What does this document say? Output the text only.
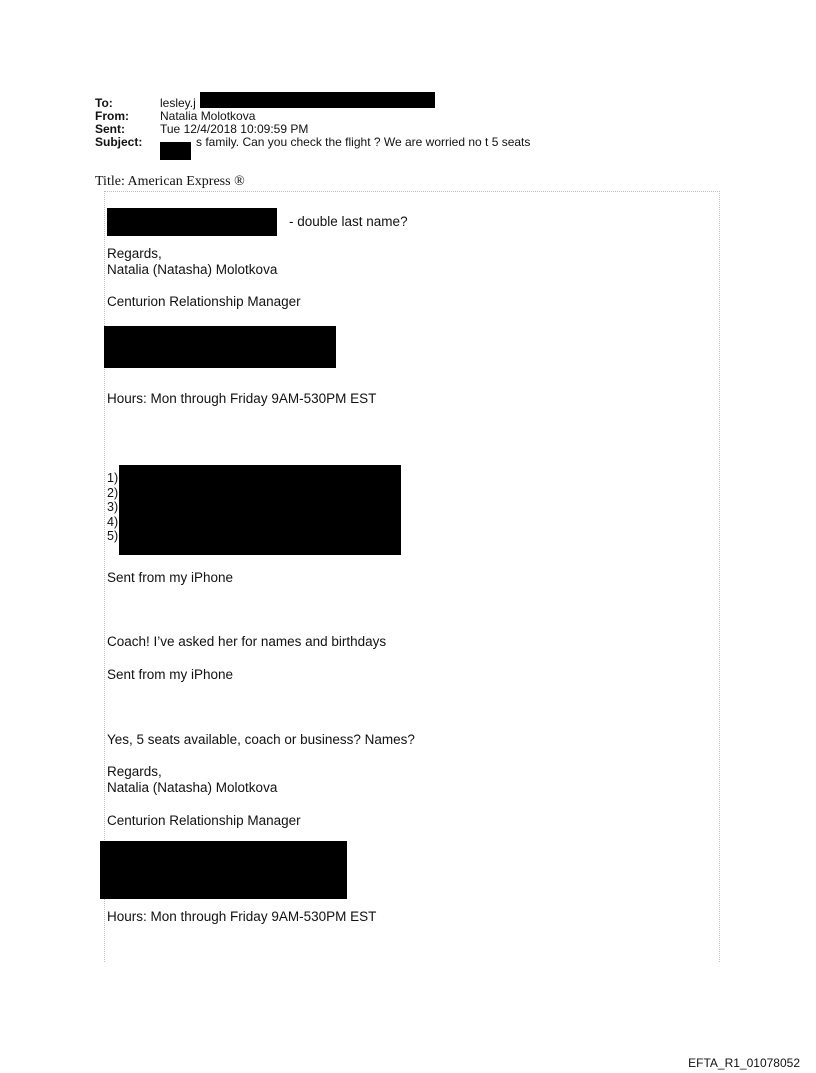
To:	lesley.j
From:	Natalia Molotkova
Sent:	Tue 12/4/2018 10:09:59 PM
Subject:	s family. Can you check the flight ? We are worried no t 5 seats
Title: American Express ®
- double last name?
Regards,
Natalia (Natasha) Molotkova
Centurion Relationship Manager
Hours: Mon through Friday 9AM-530PM EST
1)
2)
3)
4)
5)
Sent from my iPhone
Coach! I’ve asked her for names and birthdays
Sent from my iPhone
Yes, 5 seats available, coach or business? Names?
Regards,
Natalia (Natasha) Molotkova
Centurion Relationship Manager
Hours: Mon through Friday 9AM-530PM EST
EFTA_R1_01078052
